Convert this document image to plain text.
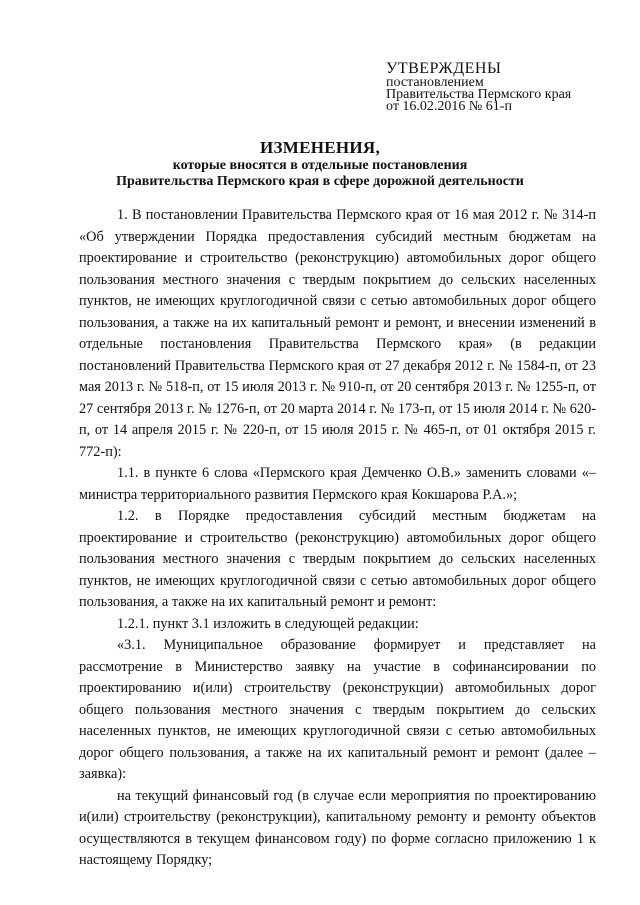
УТВЕРЖДЕНЫ
постановлением
Правительства Пермского края
от 16.02.2016 № 61-п
ИЗМЕНЕНИЯ,
которые вносятся в отдельные постановления
Правительства Пермского края в сфере дорожной деятельности

1. В постановлении Правительства Пермского края от 16 мая 2012 г. № 314-п «Об утверждении Порядка предоставления субсидий местным бюджетам на проектирование и строительство (реконструкцию) автомобильных дорог общего пользования местного значения с твердым покрытием до сельских населенных пунктов, не имеющих круглогодичной связи с сетью автомобильных дорог общего пользования, а также на их капитальный ремонт и ремонт, и внесении изменений в отдельные постановления Правительства Пермского края» (в редакции постановлений Правительства Пермского края от 27 декабря 2012 г. № 1584-п, от 23 мая 2013 г. № 518-п, от 15 июля 2013 г. № 910-п, от 20 сентября 2013 г. № 1255-п, от 27 сентября 2013 г. № 1276-п, от 20 марта 2014 г. № 173-п, от 15 июля 2014 г. № 620-п, от 14 апреля 2015 г. № 220-п, от 15 июля 2015 г. № 465-п, от 01 октября 2015 г. 772-п):

1.1. в пункте 6 слова «Пермского края Демченко О.В.» заменить словами «– министра территориального развития Пермского края Кокшарова Р.А.»;

1.2. в Порядке предоставления субсидий местным бюджетам на проектирование и строительство (реконструкцию) автомобильных дорог общего пользования местного значения с твердым покрытием до сельских населенных пунктов, не имеющих круглогодичной связи с сетью автомобильных дорог общего пользования, а также на их капитальный ремонт и ремонт:

1.2.1. пункт 3.1 изложить в следующей редакции:

«3.1. Муниципальное образование формирует и представляет на рассмотрение в Министерство заявку на участие в софинансировании по проектированию и(или) строительству (реконструкции) автомобильных дорог общего пользования местного значения с твердым покрытием до сельских населенных пунктов, не имеющих круглогодичной связи с сетью автомобильных дорог общего пользования, а также на их капитальный ремонт и ремонт (далее – заявка):

на текущий финансовый год (в случае если мероприятия по проектированию и(или) строительству (реконструкции), капитальному ремонту и ремонту объектов осуществляются в текущем финансовом году) по форме согласно приложению 1 к настоящему Порядку;
